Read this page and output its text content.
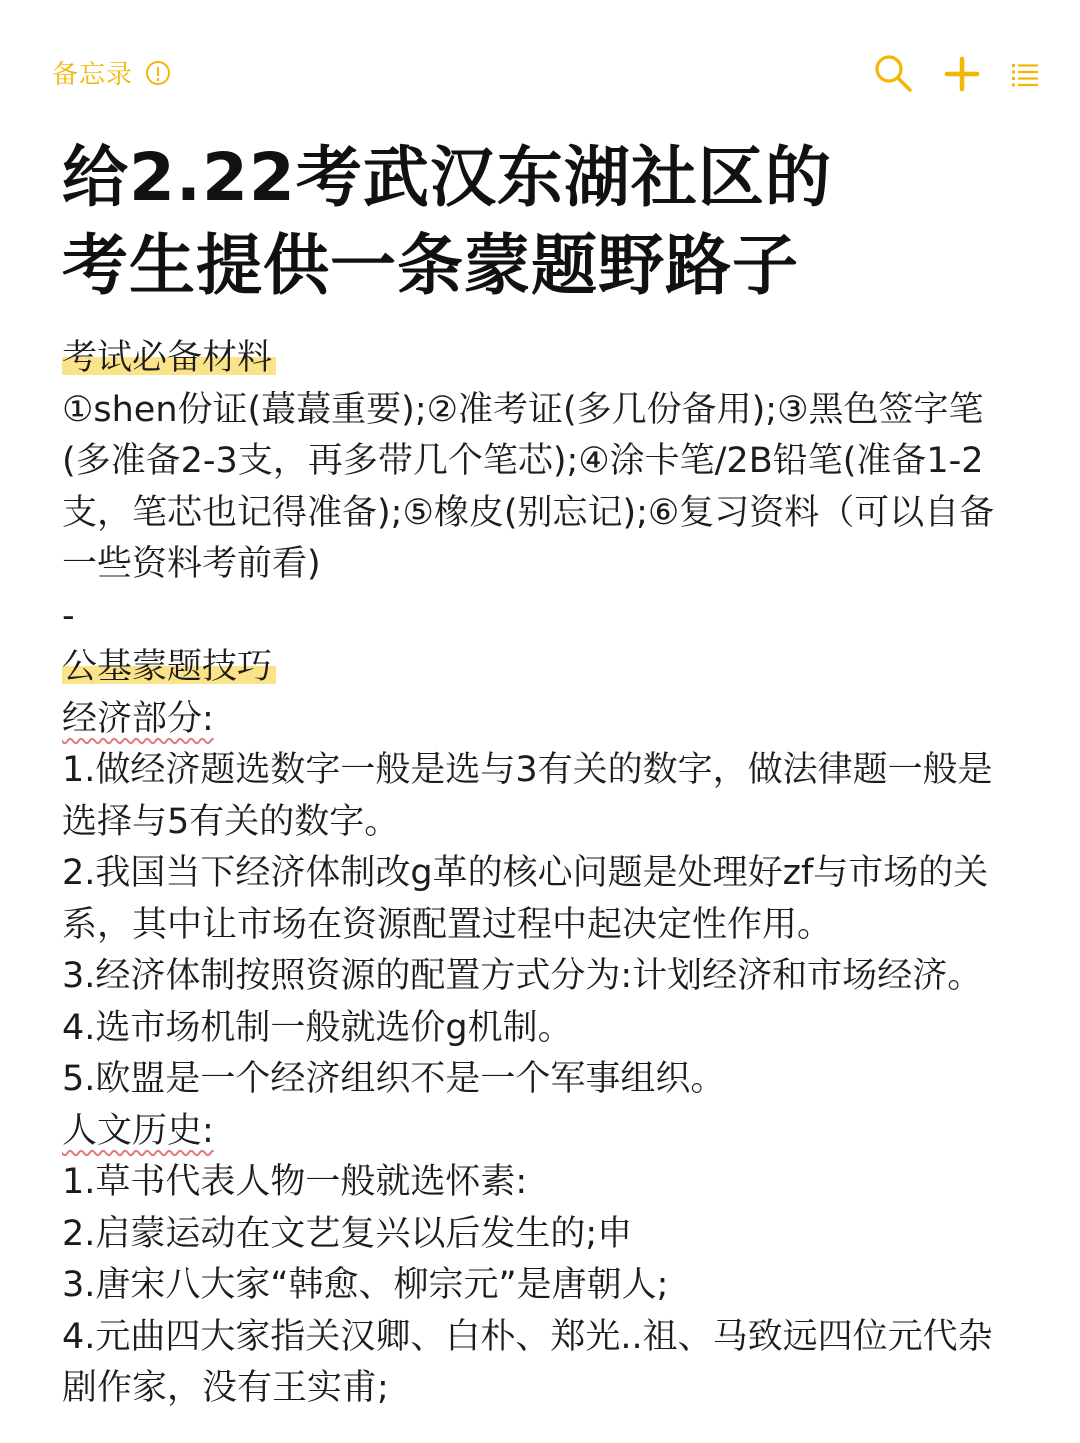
备忘录
给2.22考武汉东湖社区的
考生提供一条蒙题野路子

考试必备材料

①shen份证(蕞蕞重要);②准考证(多几份备用);③黑色签字笔(多准备2-3支，再多带几个笔芯);④涂卡笔/2B铅笔(准备1-2支，笔芯也记得准备);⑤橡皮(别忘记);⑥复习资料（可以自备一些资料考前看)

-

公基蒙题技巧

经济部分:

1.做经济题选数字一般是选与3有关的数字，做法律题一般是选择与5有关的数字。

2.我国当下经济体制改g革的核心问题是处理好zf与市场的关系，其中让市场在资源配置过程中起决定性作用。

3.经济体制按照资源的配置方式分为:计划经济和市场经济。

4.选市场机制一般就选价g机制。

5.欧盟是一个经济组织不是一个军事组织。

人文历史:

1.草书代表人物一般就选怀素:

2.启蒙运动在文艺复兴以后发生的;申

3.唐宋八大家“韩愈、柳宗元”是唐朝人;

4.元曲四大家指关汉卿、白朴、郑光..祖、马致远四位元代杂剧作家，没有王实甫;
